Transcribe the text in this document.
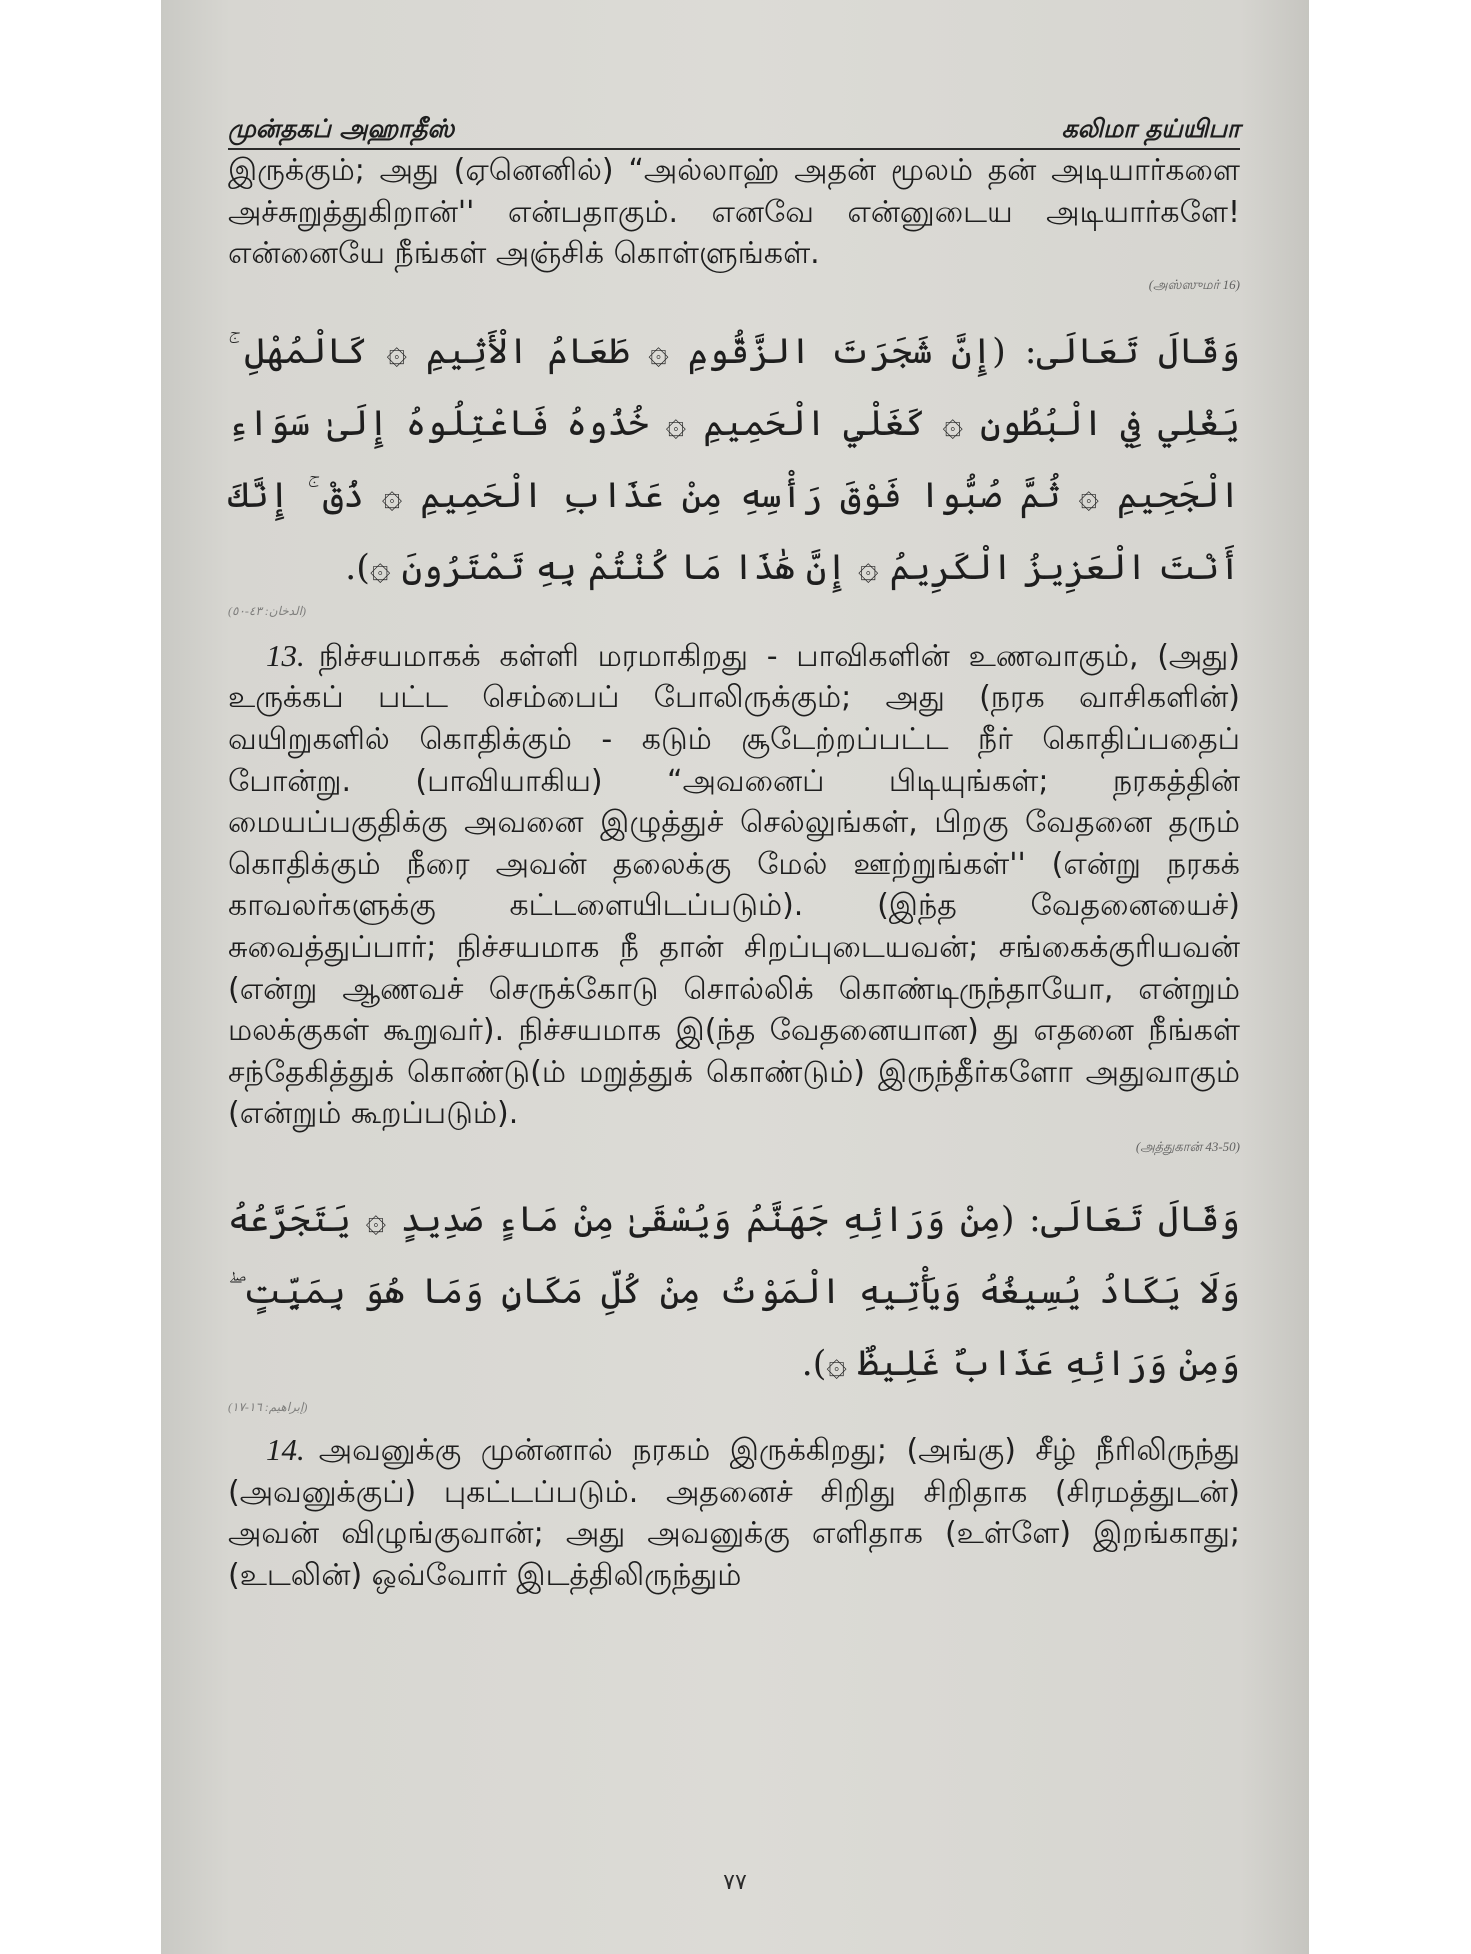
முன்தகப் அஹாதீஸ்	கலிமா தய்யிபா

இருக்கும்; அது (ஏனெனில்) “அல்லாஹ் அதன் மூலம் தன் அடியார்களை அச்சுறுத்துகிறான்'' என்பதாகும். எனவே என்னுடைய அடியார்களே! என்னையே நீங்கள் அஞ்சிக் கொள்ளுங்கள்.

(அஸ்ஸுமர் 16)

وَقَالَ تَعَالَى: (إِنَّ شَجَرَتَ الزَّقُّومِ ۞ طَعَامُ الْأَثِيمِ ۞ كَالْمُهْلِ ۚ يَغْلِي فِي الْبُطُونِ ۞ كَغَلْيِ الْحَمِيمِ ۞ خُذُوهُ فَاعْتِلُوهُ إِلَىٰ سَوَاءِ الْجَحِيمِ ۞ ثُمَّ صُبُّوا فَوْقَ رَأْسِهِ مِنْ عَذَابِ الْحَمِيمِ ۞ ذُقْ ۚ إِنَّكَ أَنْتَ الْعَزِيزُ الْكَرِيمُ ۞ إِنَّ هَٰذَا مَا كُنْتُمْ بِهِ تَمْتَرُونَ ۞).

(الدخان: ٤٣-٥٠)

13. நிச்சயமாகக் கள்ளி மரமாகிறது - பாவிகளின் உணவாகும், (அது) உருக்கப் பட்ட செம்பைப் போலிருக்கும்; அது (நரக வாசிகளின்) வயிறுகளில் கொதிக்கும் - கடும் சூடேற்றப்பட்ட நீர் கொதிப்பதைப் போன்று. (பாவியாகிய) “அவனைப் பிடியுங்கள்; நரகத்தின் மையப்பகுதிக்கு அவனை இழுத்துச் செல்லுங்கள், பிறகு வேதனை தரும் கொதிக்கும் நீரை அவன் தலைக்கு மேல் ஊற்றுங்கள்'' (என்று நரகக் காவலர்களுக்கு கட்டளையிடப்படும்). (இந்த வேதனையைச்) சுவைத்துப்பார்; நிச்சயமாக நீ தான் சிறப்புடையவன்; சங்கைக்குரியவன் (என்று ஆணவச் செருக்கோடு சொல்லிக் கொண்டிருந்தாயோ, என்றும் மலக்குகள் கூறுவர்). நிச்சயமாக இ(ந்த வேதனையான) து எதனை நீங்கள் சந்தேகித்துக் கொண்டு(ம் மறுத்துக் கொண்டும்) இருந்தீர்களோ அதுவாகும் (என்றும் கூறப்படும்).

(அத்துகான் 43-50)

وَقَالَ تَعَالَى: (مِنْ وَرَائِهِ جَهَنَّمُ وَيُسْقَىٰ مِنْ مَاءٍ صَدِيدٍ ۞ يَتَجَرَّعُهُ وَلَا يَكَادُ يُسِيغُهُ وَيَأْتِيهِ الْمَوْتُ مِنْ كُلِّ مَكَانٍ وَمَا هُوَ بِمَيِّتٍ ۖ وَمِنْ وَرَائِهِ عَذَابٌ غَلِيظٌ ۞).

(إبراهيم: ١٦-١٧)

14. அவனுக்கு முன்னால் நரகம் இருக்கிறது; (அங்கு) சீழ் நீரிலிருந்து (அவனுக்குப்) புகட்டப்படும். அதனைச் சிறிது சிறிதாக (சிரமத்துடன்) அவன் விழுங்குவான்; அது அவனுக்கு எளிதாக (உள்ளே) இறங்காது; (உடலின்) ஒவ்வோர் இடத்திலிருந்தும்

٧٧
